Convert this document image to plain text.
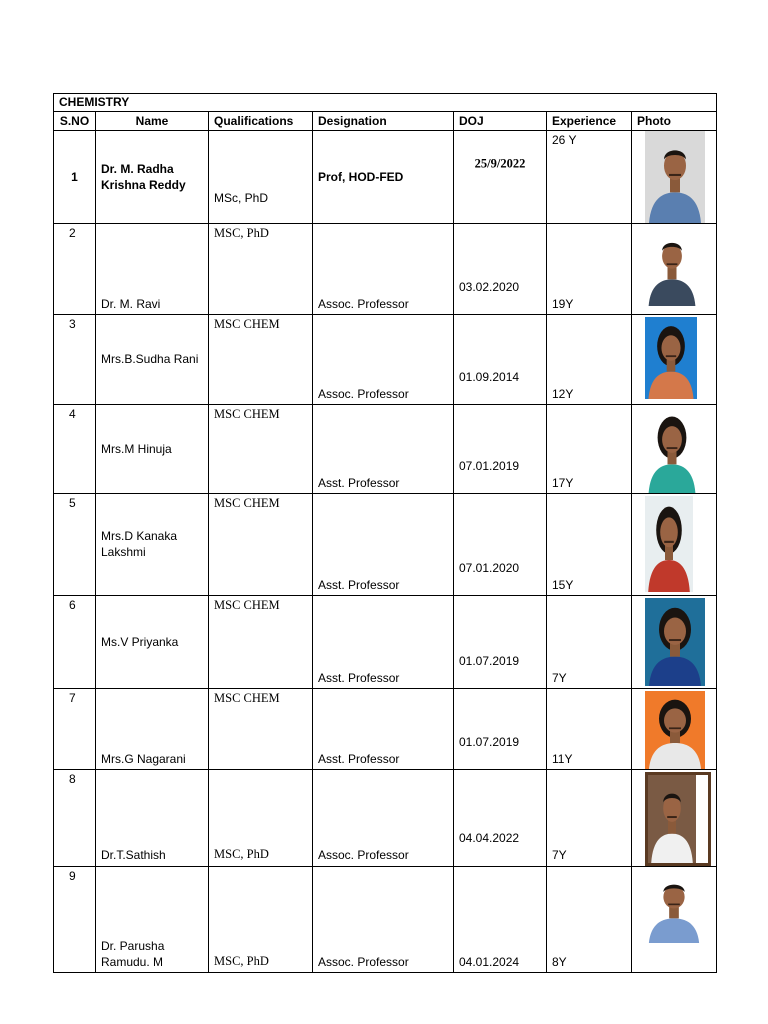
CHEMISTRY						
S.NO	Name	Qualifications	Designation	DOJ	Experience	Photo

1	Dr. M. Radha Krishna Reddy	MSc, PhD	Prof, HOD-FED	25/9/2022	26 Y

2	Dr. M. Ravi	MSC, PhD	Assoc. Professor	03.02.2020	19Y

3	Mrs.B.Sudha Rani	MSC CHEM	Assoc. Professor	01.09.2014	12Y

4	Mrs.M Hinuja	MSC CHEM	Asst. Professor	07.01.2019	17Y

5	Mrs.D Kanaka Lakshmi	MSC CHEM	Asst. Professor	07.01.2020	15Y

6	Ms.V Priyanka	MSC CHEM	Asst. Professor	01.07.2019	7Y

7	Mrs.G Nagarani	MSC CHEM	Asst. Professor	01.07.2019	11Y

8	Dr.T.Sathish	MSC, PhD	Assoc. Professor	04.04.2022	7Y

9	Dr. Parusha Ramudu. M	MSC, PhD	Assoc. Professor	04.01.2024	8Y
